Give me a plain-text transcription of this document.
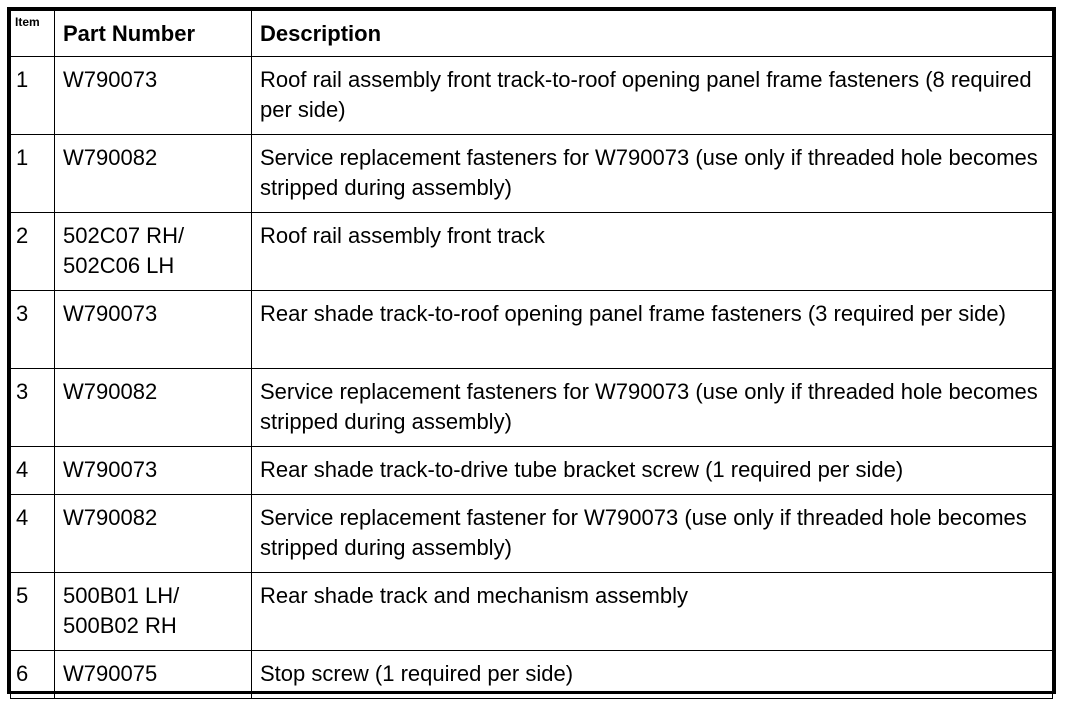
Item	Part Number	Description
1	W790073	Roof rail assembly front track-to-roof opening panel frame fasteners (8 required per side)
1	W790082	Service replacement fasteners for W790073 (use only if threaded hole becomes stripped during assembly)
2	502C07 RH/ 502C06 LH	Roof rail assembly front track
3	W790073	Rear shade track-to-roof opening panel frame fasteners (3 required per side)
3	W790082	Service replacement fasteners for W790073 (use only if threaded hole becomes stripped during assembly)
4	W790073	Rear shade track-to-drive tube bracket screw (1 required per side)
4	W790082	Service replacement fastener for W790073 (use only if threaded hole becomes stripped during assembly)
5	500B01 LH/ 500B02 RH	Rear shade track and mechanism assembly
6	W790075	Stop screw (1 required per side)
